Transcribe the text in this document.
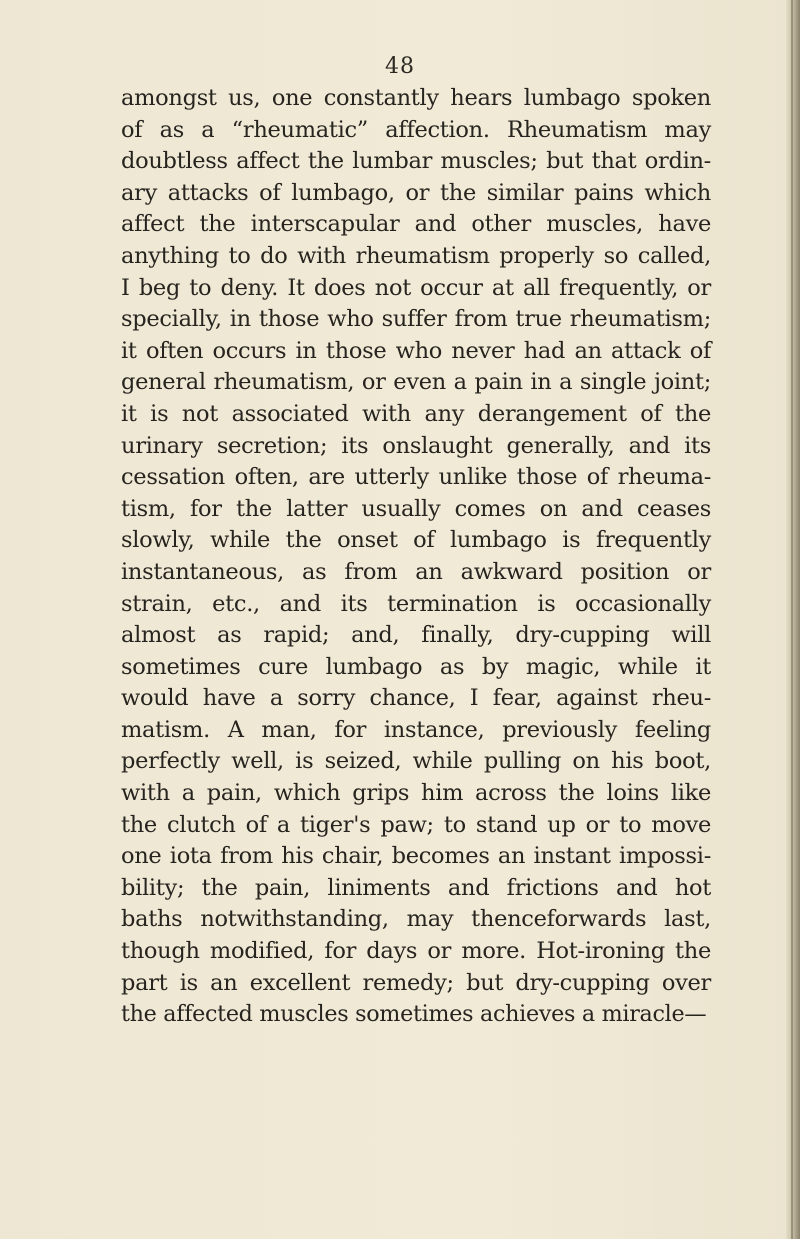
48
amongst us, one constantly hears lumbago spoken
of as a “rheumatic” affection. Rheumatism may
doubtless affect the lumbar muscles; but that ordin-
ary attacks of lumbago, or the similar pains which
affect the interscapular and other muscles, have
anything to do with rheumatism properly so called,
I beg to deny. It does not occur at all frequently, or
specially, in those who suffer from true rheumatism;
it often occurs in those who never had an attack of
general rheumatism, or even a pain in a single joint;
it is not associated with any derangement of the
urinary secretion; its onslaught generally, and its
cessation often, are utterly unlike those of rheuma-
tism, for the latter usually comes on and ceases
slowly, while the onset of lumbago is frequently
instantaneous, as from an awkward position or
strain, etc., and its termination is occasionally
almost as rapid; and, finally, dry-cupping will
sometimes cure lumbago as by magic, while it
would have a sorry chance, I fear, against rheu-
matism. A man, for instance, previously feeling
perfectly well, is seized, while pulling on his boot,
with a pain, which grips him across the loins like
the clutch of a tiger's paw; to stand up or to move
one iota from his chair, becomes an instant impossi-
bility; the pain, liniments and frictions and hot
baths notwithstanding, may thenceforwards last,
though modified, for days or more. Hot-ironing the
part is an excellent remedy; but dry-cupping over
the affected muscles sometimes achieves a miracle—
